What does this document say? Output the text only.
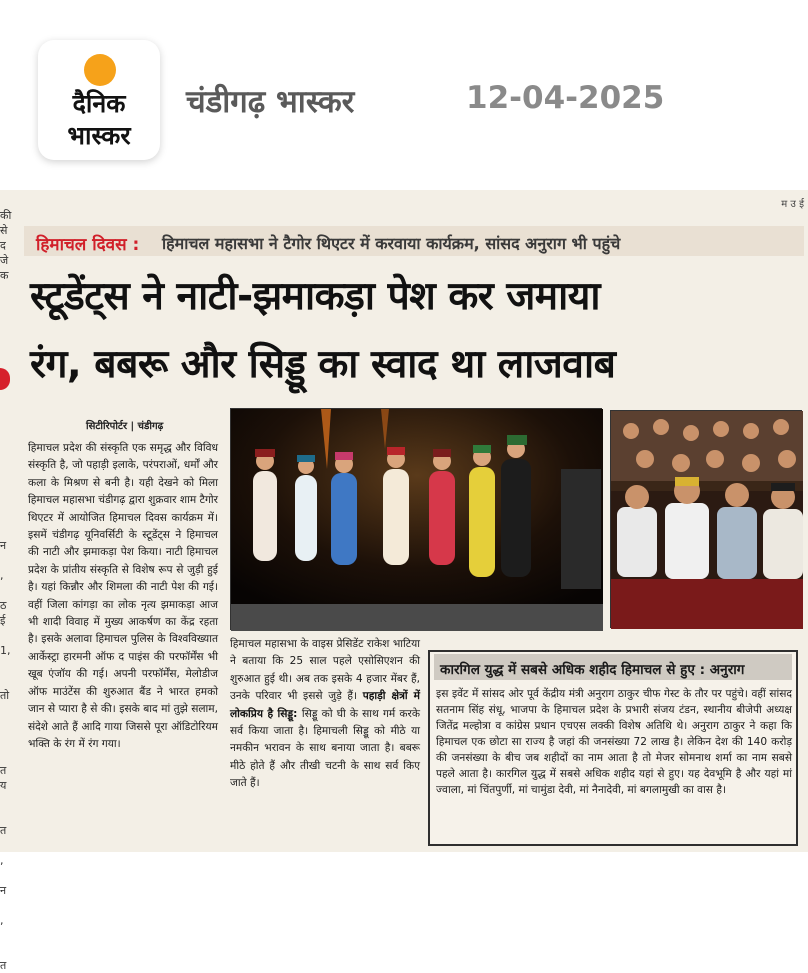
दैनिक
भास्कर
चंडीगढ़ भास्कर	12-04-2025
म उ ई
की
से
द
जे
क

न

,

ठ
ई

1,

तो

त
य

त

,

न

,

त
हिमाचल दिवस : हिमाचल महासभा ने टैगोर थिएटर में करवाया कार्यक्रम, सांसद अनुराग भी पहुंचे
स्टूडेंट्स ने नाटी-झमाकड़ा पेश कर जमाया
रंग, बबरू और सिड्डू का स्वाद था लाजवाब
सिटीरिपोर्टर | चंडीगढ़
हिमाचल प्रदेश की संस्कृति एक समृद्ध और विविध संस्कृति है, जो पहाड़ी इलाके, परंपराओं, धर्मों और कला के मिश्रण से बनी है। यही देखने को मिला हिमाचल महासभा चंडीगढ़ द्वारा शुक्रवार शाम टैगोर थिएटर में आयोजित हिमाचल दिवस कार्यक्रम में। इसमें चंडीगढ़ यूनिवर्सिटी के स्टूडेंट्स ने हिमाचल की नाटी और झमाकड़ा पेश किया। नाटी हिमाचल प्रदेश के प्रांतीय संस्कृति से विशेष रूप से जुड़ी हुई है। यहां किन्नौर और शिमला की नाटी पेश की गई। वहीं जिला कांगड़ा का लोक नृत्य झमाकड़ा आज भी शादी विवाह में मुख्य आकर्षण का केंद्र रहता है। इसके अलावा हिमाचल पुलिस के विश्वविख्यात आर्केस्ट्रा हारमनी ऑफ द पाइंस की परफॉर्मेंस भी खूब एंजॉय की गई। अपनी परफॉर्मेंस, मेलोडीज ऑफ माउंटेंस की शुरुआत बैंड ने भारत हमको जान से प्यारा है से की। इसके बाद मां तुझे सलाम, संदेशे आते हैं आदि गाया जिससे पूरा ऑडिटोरियम भक्ति के रंग में रंग गया।
हिमाचल महासभा के वाइस प्रेसिडेंट राकेश भाटिया ने बताया कि 25 साल पहले एसोसिएशन की शुरुआत हुई थी। अब तक इसके 4 हजार मेंबर हैं, उनके परिवार भी इससे जुड़े हैं। पहाड़ी क्षेत्रों में लोकप्रिय है सिड्डू: सिड्डू को घी के साथ गर्म करके सर्व किया जाता है। हिमाचली सिड्डू को मीठे या नमकीन भरावन के साथ बनाया जाता है। बबरू मीठे होते हैं और तीखी चटनी के साथ सर्व किए जाते हैं।
कारगिल युद्ध में सबसे अधिक शहीद हिमाचल से हुए : अनुराग
इस इवेंट में सांसद ओर पूर्व केंद्रीय मंत्री अनुराग ठाकुर चीफ गेस्ट के तौर पर पहुंचे। वहीं सांसद सतनाम सिंह संधू, भाजपा के हिमाचल प्रदेश के प्रभारी संजय टंडन, स्थानीय बीजेपी अध्यक्ष जितेंद्र मल्होत्रा व कांग्रेस प्रधान एचएस लक्की विशेष अतिथि थे। अनुराग ठाकुर ने कहा कि हिमाचल एक छोटा सा राज्य है जहां की जनसंख्या 72 लाख है। लेकिन देश की 140 करोड़ की जनसंख्या के बीच जब शहीदों का नाम आता है तो मेजर सोमनाथ शर्मा का नाम सबसे पहले आता है। कारगिल युद्ध में सबसे अधिक शहीद यहां से हुए। यह देवभूमि है और यहां मां ज्वाला, मां चिंतपुर्णी, मां चामुंडा देवी, मां नैनादेवी, मां बगलामुखी का वास है।
